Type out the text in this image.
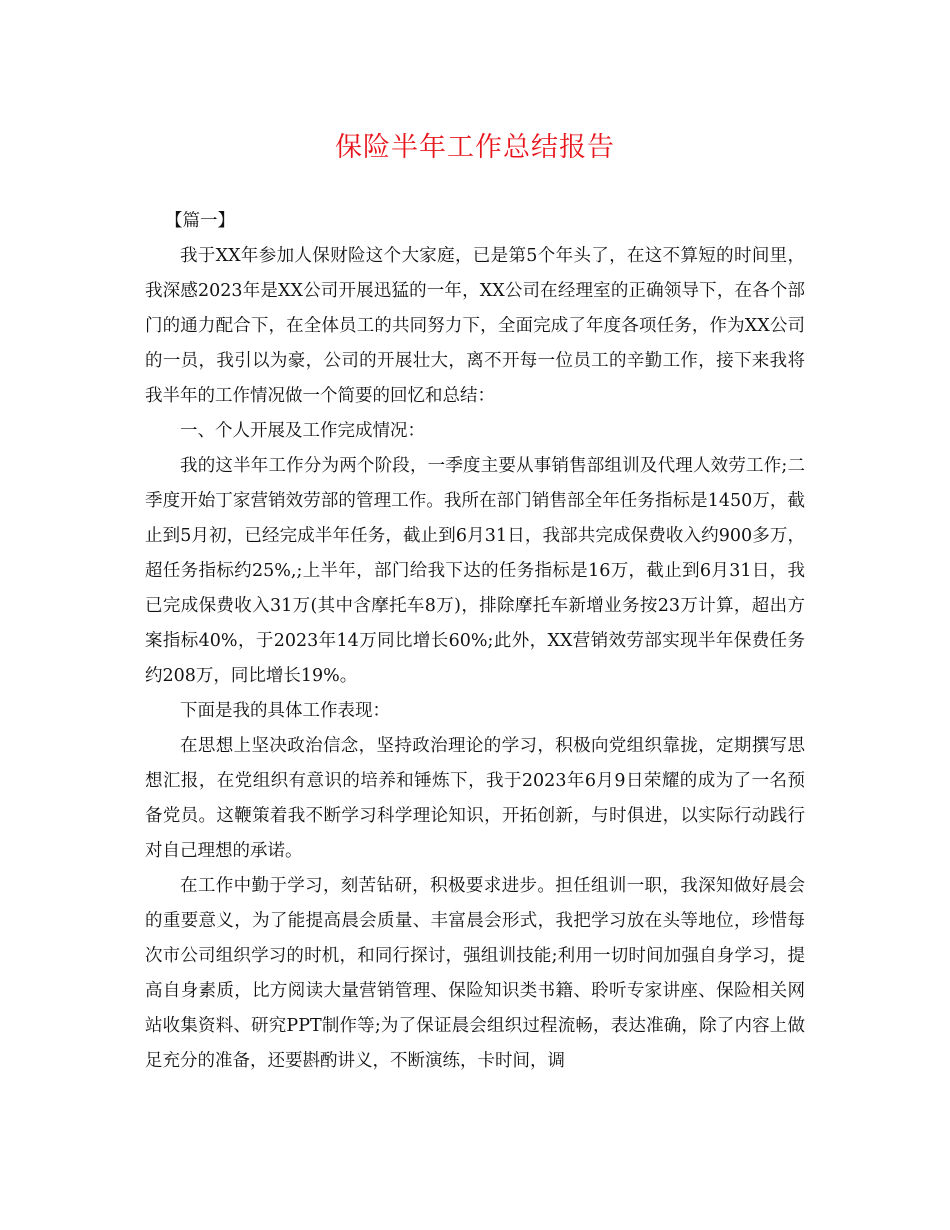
保险半年工作总结报告

【篇一】

我于XX年参加人保财险这个大家庭，已是第5个年头了，在这不算短的时间里，我深感2023年是XX公司开展迅猛的一年，XX公司在经理室的正确领导下，在各个部门的通力配合下，在全体员工的共同努力下，全面完成了年度各项任务，作为XX公司的一员，我引以为豪，公司的开展壮大，离不开每一位员工的辛勤工作，接下来我将我半年的工作情况做一个简要的回忆和总结：

一、个人开展及工作完成情况：

我的这半年工作分为两个阶段，一季度主要从事销售部组训及代理人效劳工作;二季度开始丁家营销效劳部的管理工作。我所在部门销售部全年任务指标是1450万，截止到5月初，已经完成半年任务，截止到6月31日，我部共完成保费收入约900多万，超任务指标约25%,;上半年，部门给我下达的任务指标是16万，截止到6月31日，我已完成保费收入31万(其中含摩托车8万)，排除摩托车新增业务按23万计算，超出方案指标40%，于2023年14万同比增长60%;此外，XX营销效劳部实现半年保费任务约208万，同比增长19%。

下面是我的具体工作表现：

在思想上坚决政治信念，坚持政治理论的学习，积极向党组织靠拢，定期撰写思想汇报，在党组织有意识的培养和锤炼下，我于2023年6月9日荣耀的成为了一名预备党员。这鞭策着我不断学习科学理论知识，开拓创新，与时俱进，以实际行动践行对自己理想的承诺。

在工作中勤于学习，刻苦钻研，积极要求进步。担任组训一职，我深知做好晨会的重要意义，为了能提高晨会质量、丰富晨会形式，我把学习放在头等地位，珍惜每次市公司组织学习的时机，和同行探讨，强组训技能;利用一切时间加强自身学习，提高自身素质，比方阅读大量营销管理、保险知识类书籍、聆听专家讲座、保险相关网站收集资料、研究PPT制作等;为了保证晨会组织过程流畅，表达准确，除了内容上做足充分的准备，还要斟酌讲义，不断演练，卡时间，调
